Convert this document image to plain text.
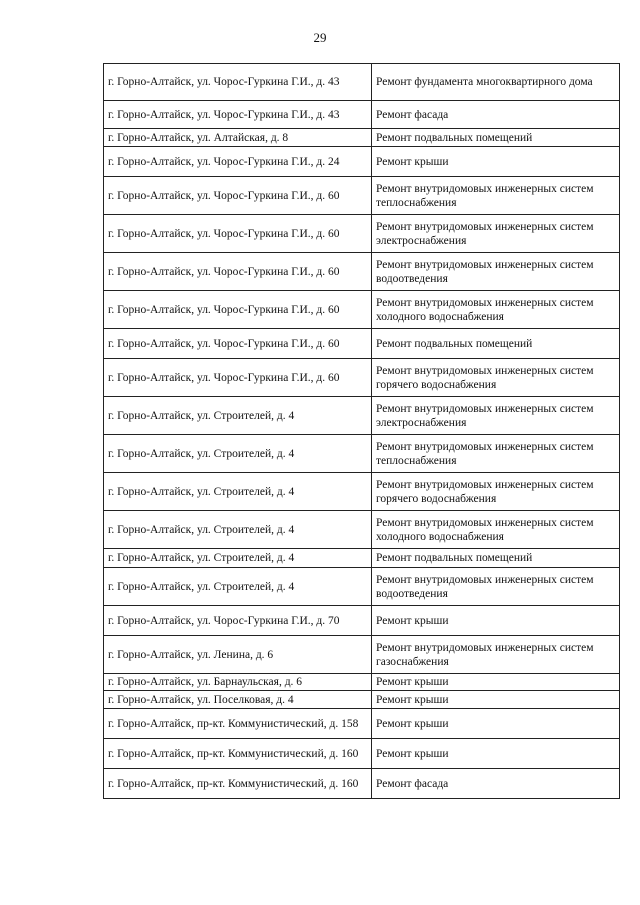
29
г. Горно-Алтайск, ул. Чорос-Гуркина Г.И., д. 43	Ремонт фундамента многоквартирного дома
г. Горно-Алтайск, ул. Чорос-Гуркина Г.И., д. 43	Ремонт фасада
г. Горно-Алтайск, ул. Алтайская, д. 8	Ремонт подвальных помещений
г. Горно-Алтайск, ул. Чорос-Гуркина Г.И., д. 24	Ремонт крыши
г. Горно-Алтайск, ул. Чорос-Гуркина Г.И., д. 60	Ремонт внутридомовых инженерных систем теплоснабжения
г. Горно-Алтайск, ул. Чорос-Гуркина Г.И., д. 60	Ремонт внутридомовых инженерных систем электроснабжения
г. Горно-Алтайск, ул. Чорос-Гуркина Г.И., д. 60	Ремонт внутридомовых инженерных систем водоотведения
г. Горно-Алтайск, ул. Чорос-Гуркина Г.И., д. 60	Ремонт внутридомовых инженерных систем холодного водоснабжения
г. Горно-Алтайск, ул. Чорос-Гуркина Г.И., д. 60	Ремонт подвальных помещений
г. Горно-Алтайск, ул. Чорос-Гуркина Г.И., д. 60	Ремонт внутридомовых инженерных систем горячего водоснабжения
г. Горно-Алтайск, ул. Строителей, д. 4	Ремонт внутридомовых инженерных систем электроснабжения
г. Горно-Алтайск, ул. Строителей, д. 4	Ремонт внутридомовых инженерных систем теплоснабжения
г. Горно-Алтайск, ул. Строителей, д. 4	Ремонт внутридомовых инженерных систем горячего водоснабжения
г. Горно-Алтайск, ул. Строителей, д. 4	Ремонт внутридомовых инженерных систем холодного водоснабжения
г. Горно-Алтайск, ул. Строителей, д. 4	Ремонт подвальных помещений
г. Горно-Алтайск, ул. Строителей, д. 4	Ремонт внутридомовых инженерных систем водоотведения
г. Горно-Алтайск, ул. Чорос-Гуркина Г.И., д. 70	Ремонт крыши
г. Горно-Алтайск, ул. Ленина, д. 6	Ремонт внутридомовых инженерных систем газоснабжения
г. Горно-Алтайск, ул. Барнаульская, д. 6	Ремонт крыши
г. Горно-Алтайск, ул. Поселковая, д. 4	Ремонт крыши
г. Горно-Алтайск, пр-кт. Коммунистический, д. 158	Ремонт крыши
г. Горно-Алтайск, пр-кт. Коммунистический, д. 160	Ремонт крыши
г. Горно-Алтайск, пр-кт. Коммунистический, д. 160	Ремонт фасада
